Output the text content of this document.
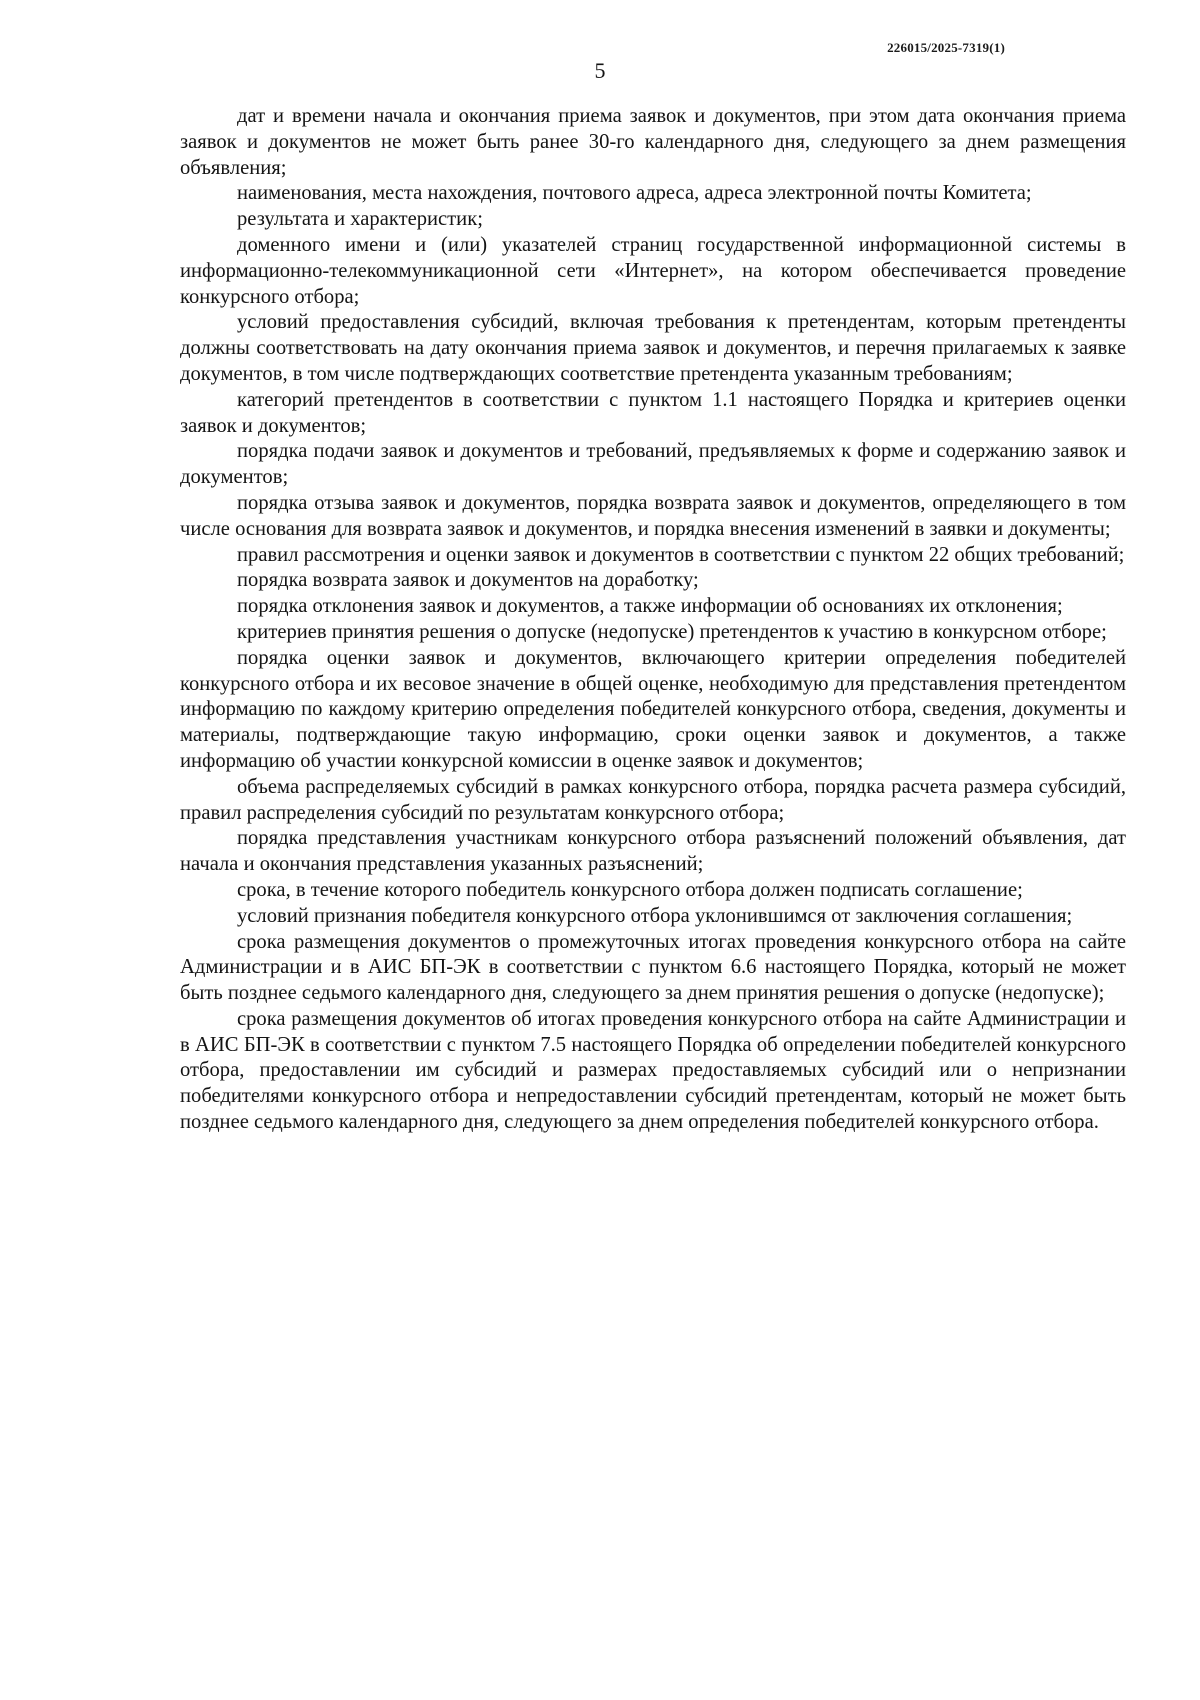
226015/2025-7319(1)
5

дат и времени начала и окончания приема заявок и документов, при этом дата окончания приема заявок и документов не может быть ранее 30-го календарного дня, следующего за днем размещения объявления;

наименования, места нахождения, почтового адреса, адреса электронной почты Комитета;

результата и характеристик;

доменного имени и (или) указателей страниц государственной информационной системы в информационно-телекоммуникационной сети «Интернет», на котором обеспечивается проведение конкурсного отбора;

условий предоставления субсидий, включая требования к претендентам, которым претенденты должны соответствовать на дату окончания приема заявок и документов, и перечня прилагаемых к заявке документов, в том числе подтверждающих соответствие претендента указанным требованиям;

категорий претендентов в соответствии с пунктом 1.1 настоящего Порядка и критериев оценки заявок и документов;

порядка подачи заявок и документов и требований, предъявляемых к форме и содержанию заявок и документов;

порядка отзыва заявок и документов, порядка возврата заявок и документов, определяющего в том числе основания для возврата заявок и документов, и порядка внесения изменений в заявки и документы;

правил рассмотрения и оценки заявок и документов в соответствии с пунктом 22 общих требований;

порядка возврата заявок и документов на доработку;

порядка отклонения заявок и документов, а также информации об основаниях их отклонения;

критериев принятия решения о допуске (недопуске) претендентов к участию в конкурсном отборе;

порядка оценки заявок и документов, включающего критерии определения победителей конкурсного отбора и их весовое значение в общей оценке, необходимую для представления претендентом информацию по каждому критерию определения победителей конкурсного отбора, сведения, документы и материалы, подтверждающие такую информацию, сроки оценки заявок и документов, а также информацию об участии конкурсной комиссии в оценке заявок и документов;

объема распределяемых субсидий в рамках конкурсного отбора, порядка расчета размера субсидий, правил распределения субсидий по результатам конкурсного отбора;

порядка представления участникам конкурсного отбора разъяснений положений объявления, дат начала и окончания представления указанных разъяснений;

срока, в течение которого победитель конкурсного отбора должен подписать соглашение;

условий признания победителя конкурсного отбора уклонившимся от заключения соглашения;

срока размещения документов о промежуточных итогах проведения конкурсного отбора на сайте Администрации и в АИС БП-ЭК в соответствии с пунктом 6.6 настоящего Порядка, который не может быть позднее седьмого календарного дня, следующего за днем принятия решения о допуске (недопуске);

срока размещения документов об итогах проведения конкурсного отбора на сайте Администрации и в АИС БП-ЭК в соответствии с пунктом 7.5 настоящего Порядка об определении победителей конкурсного отбора, предоставлении им субсидий и размерах предоставляемых субсидий или о непризнании победителями конкурсного отбора и непредоставлении субсидий претендентам, который не может быть позднее седьмого календарного дня, следующего за днем определения победителей конкурсного отбора.
